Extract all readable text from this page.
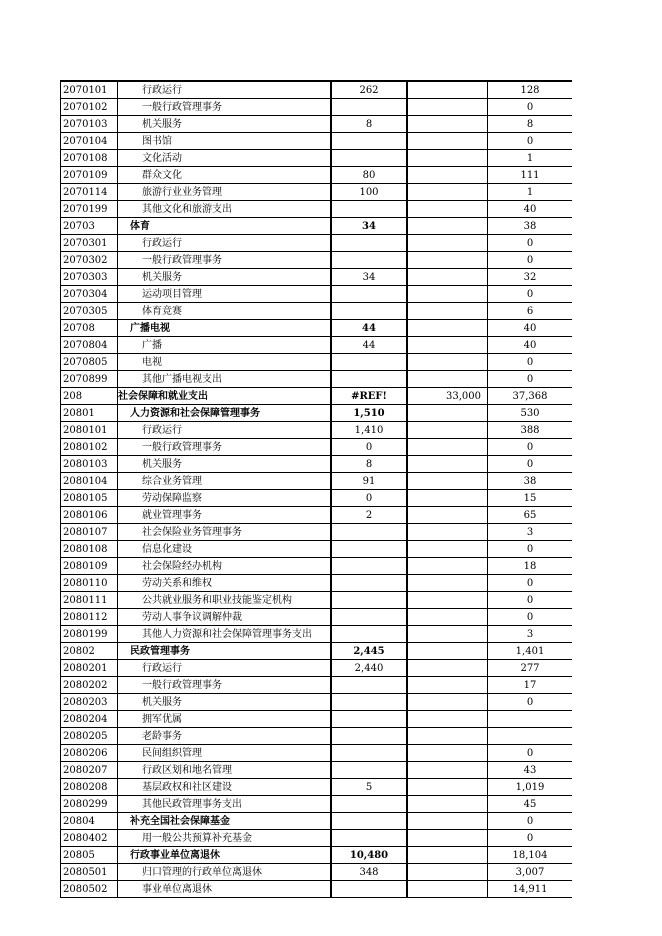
2070101	行政运行	262		128
2070102	一般行政管理事务			0
2070103	机关服务	8		8
2070104	图书馆			0
2070108	文化活动			1
2070109	群众文化	80		111
2070114	旅游行业业务管理	100		1
2070199	其他文化和旅游支出			40
20703	体育	34		38
2070301	行政运行			0
2070302	一般行政管理事务			0
2070303	机关服务	34		32
2070304	运动项目管理			0
2070305	体育竞赛			6
20708	广播电视	44		40
2070804	广播	44		40
2070805	电视			0
2070899	其他广播电视支出			0
208	社会保障和就业支出	#REF!	33,000	37,368
20801	人力资源和社会保障管理事务	1,510		530
2080101	行政运行	1,410		388
2080102	一般行政管理事务	0		0
2080103	机关服务	8		0
2080104	综合业务管理	91		38
2080105	劳动保障监察	0		15
2080106	就业管理事务	2		65
2080107	社会保险业务管理事务			3
2080108	信息化建设			0
2080109	社会保险经办机构			18
2080110	劳动关系和维权			0
2080111	公共就业服务和职业技能鉴定机构			0
2080112	劳动人事争议调解仲裁			0
2080199	其他人力资源和社会保障管理事务支出			3
20802	民政管理事务	2,445		1,401
2080201	行政运行	2,440		277
2080202	一般行政管理事务			17
2080203	机关服务			0
2080204	拥军优属			
2080205	老龄事务			
2080206	民间组织管理			0
2080207	行政区划和地名管理			43
2080208	基层政权和社区建设	5		1,019
2080299	其他民政管理事务支出			45
20804	补充全国社会保障基金			0
2080402	用一般公共预算补充基金			0
20805	行政事业单位离退休	10,480		18,104
2080501	归口管理的行政单位离退休	348		3,007
2080502	事业单位离退休			14,911
